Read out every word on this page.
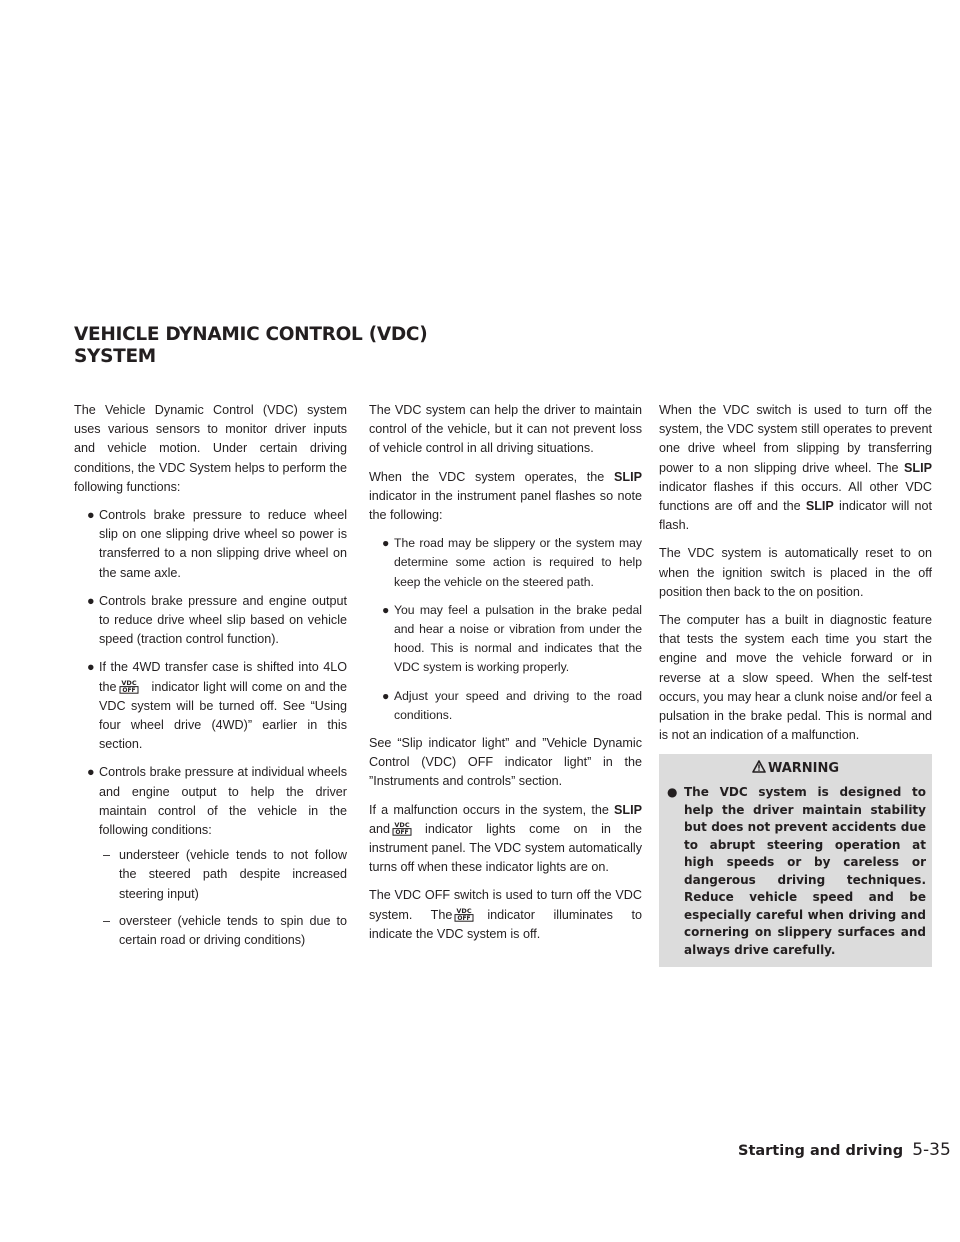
VEHICLE DYNAMIC CONTROL (VDC) SYSTEM

The Vehicle Dynamic Control (VDC) system uses various sensors to monitor driver inputs and vehicle motion. Under certain driving conditions, the VDC System helps to perform the following functions:

● Controls brake pressure to reduce wheel slip on one slipping drive wheel so power is transferred to a non slipping drive wheel on the same axle.
● Controls brake pressure and engine output to reduce drive wheel slip based on vehicle speed (traction control function).
● If the 4WD transfer case is shifted into 4LO the	indicator light will come on and the VDC system will be turned off. See “Using four wheel drive (4WD)” earlier in this section.
● Controls brake pressure at individual wheels and engine output to help the driver maintain control of the vehicle in the following conditions:
– understeer (vehicle tends to not follow the steered path despite increased steering input)
– oversteer (vehicle tends to spin due to certain road or driving conditions)

The VDC system can help the driver to maintain control of the vehicle, but it can not prevent loss of vehicle control in all driving situations.

When the VDC system operates, the SLIP indicator in the instrument panel flashes so note the following:

● The road may be slippery or the system may determine some action is required to help keep the vehicle on the steered path.
● You may feel a pulsation in the brake pedal and hear a noise or vibration from under the hood. This is normal and indicates that the VDC system is working properly.
● Adjust your speed and driving to the road conditions.

See “Slip indicator light” and ”Vehicle Dynamic Control (VDC) OFF indicator light” in the ”Instruments and controls” section.

If a malfunction occurs in the system, the SLIP and	indicator lights come on in the instrument panel. The VDC system automatically turns off when these indicator lights are on.

The VDC OFF switch is used to turn off the VDC system. The	indicator illuminates to indicate the VDC system is off.

When the VDC switch is used to turn off the system, the VDC system still operates to prevent one drive wheel from slipping by transferring power to a non slipping drive wheel. The SLIP indicator flashes if this occurs. All other VDC functions are off and the SLIP indicator will not flash.

The VDC system is automatically reset to on when the ignition switch is placed in the off position then back to the on position.

The computer has a built in diagnostic feature that tests the system each time you start the engine and move the vehicle forward or in reverse at a slow speed. When the self-test occurs, you may hear a clunk noise and/or feel a pulsation in the brake pedal. This is normal and is not an indication of a malfunction.

WARNING
● The VDC system is designed to help the driver maintain stability but does not prevent accidents due to abrupt steering operation at high speeds or by careless or dangerous driving techniques. Reduce vehicle speed and be especially careful when driving and cornering on slippery surfaces and always drive carefully.
Starting and driving 5-35
